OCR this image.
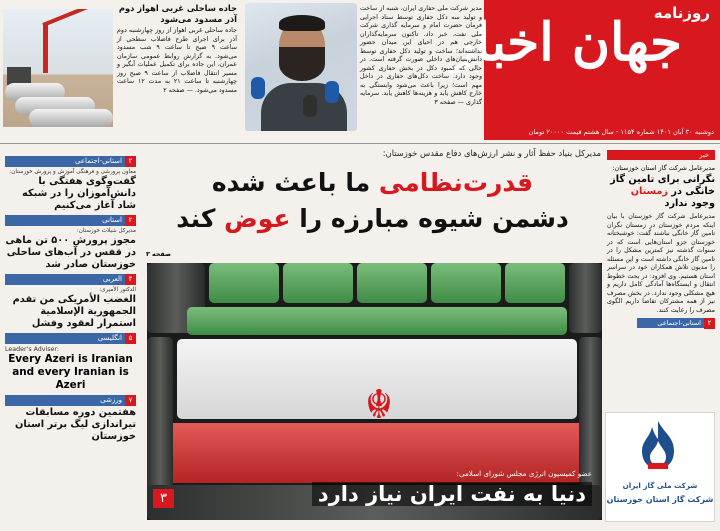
روزنامه
جهان اخبار
دوشنبه ۳۰ آبان ۱۴۰۱ شماره ۱۱۵۴ - سال هشتم قیمت ۲۰۰۰۰ تومان
مدیر شرکت ملی حفاری ایران، شنبه از ساخت و تولید سه دکل حفاری توسط ستاد اجرایی فرمان حضرت امام و سرمایه گذاری شرکت ملی نفت، خبر داد. تاکنون سرمایه‌گذاران خارجی هم در احیای این میدان حضور نداشته‌اند؛ ساخت و تولید دکل حفاری توسط دانش‌بنیان‌های داخلی صورت گرفته است. در حالی که کمبود دکل در بخش حفاری کشور وجود دارد. ساخت دکل‌های حفاری در داخل مهم است؛ زیرا باعث می‌شود وابستگی به خارج کاهش یابد و هزینه‌ها کاهش یابد. سرمایه گذاری — صفحه ۳
جاده ساحلی غربی اهواز دوم آذر مسدود می‌شود
جاده ساحلی غربی اهواز از روز چهارشنبه دوم آذر برای اجرای طرح فاضلاب سطحی از ساعت ۹ صبح تا ساعت ۹ شب مسدود می‌شود. به گزارش روابط عمومی سازمان عمران، این جاده برای تکمیل عملیات آبگیر و مسیر انتقال فاضلاب از ساعت ۹ صبح روز چهارشنبه تا ساعت ۲۱ به مدت ۱۲ ساعت مسدود می‌شود. — صفحه ۲
۲
استانی-اجتماعی
معاون پرورشی و فرهنگی آموزش و پرورش خوزستان:
گفت‌وگوی هفتگی با دانش‌آموزان را در شبکه شاد آغاز می‌کنیم
۲
استانی
مدیرکل شیلات خوزستان:
مجوز پرورش ۵۰۰ تن ماهی در قفس در آب‌های ساحلی خوزستان صادر شد
۴
العربی
الدکتور الأمیری:
الغضب الأمریکی من تقدم الجمهوریة الإسلامیة استمرار لعقود وفشل
۵
انگلیسی
Leader's Adviser:
Every Azeri is Iranian and every Iranian is Azeri
۷
ورزشی
هفتمین دوره مسابقات تیراندازی لیگ برتر استان خوزستان
مدیرکل بنیاد حفظ آثار و نشر ارزش‌های دفاع مقدس خوزستان:
قدرت‌نظامی ما باعث شده
دشمن شیوه مبارزه را عوض کند
صفحه ۳
☬
عضو کمیسیون انرژی مجلس شورای اسلامی:
دنیا به نفت ایران نیاز دارد
۳
خبر
مدیرعامل شرکت گاز استان خوزستان:
نگرانی برای تامین گاز خانگی در زمستان وجود ندارد
مدیرعامل شرکت گاز خوزستان با بیان اینکه مردم خوزستان در زمستان نگران تامین گاز خانگی نباشند گفت: خوشبختانه خوزستان جزو استان‌هایی است که در سنوات گذشته نیز کمترین مشکل را در تامین گاز خانگی داشته است و این مسئله را مدیون تلاش همکاران خود در سراسر استان هستیم. وی افزود: در بحث خطوط انتقال و ایستگاه‌ها آمادگی کامل داریم و هیچ مشکلی وجود ندارد. در بخش مصرف نیز از همه مشترکان تقاضا داریم الگوی مصرف را رعایت کنند.
۲
استانی-اجتماعی
شرکت ملی گاز ایران
شرکت گاز استان خوزستان
